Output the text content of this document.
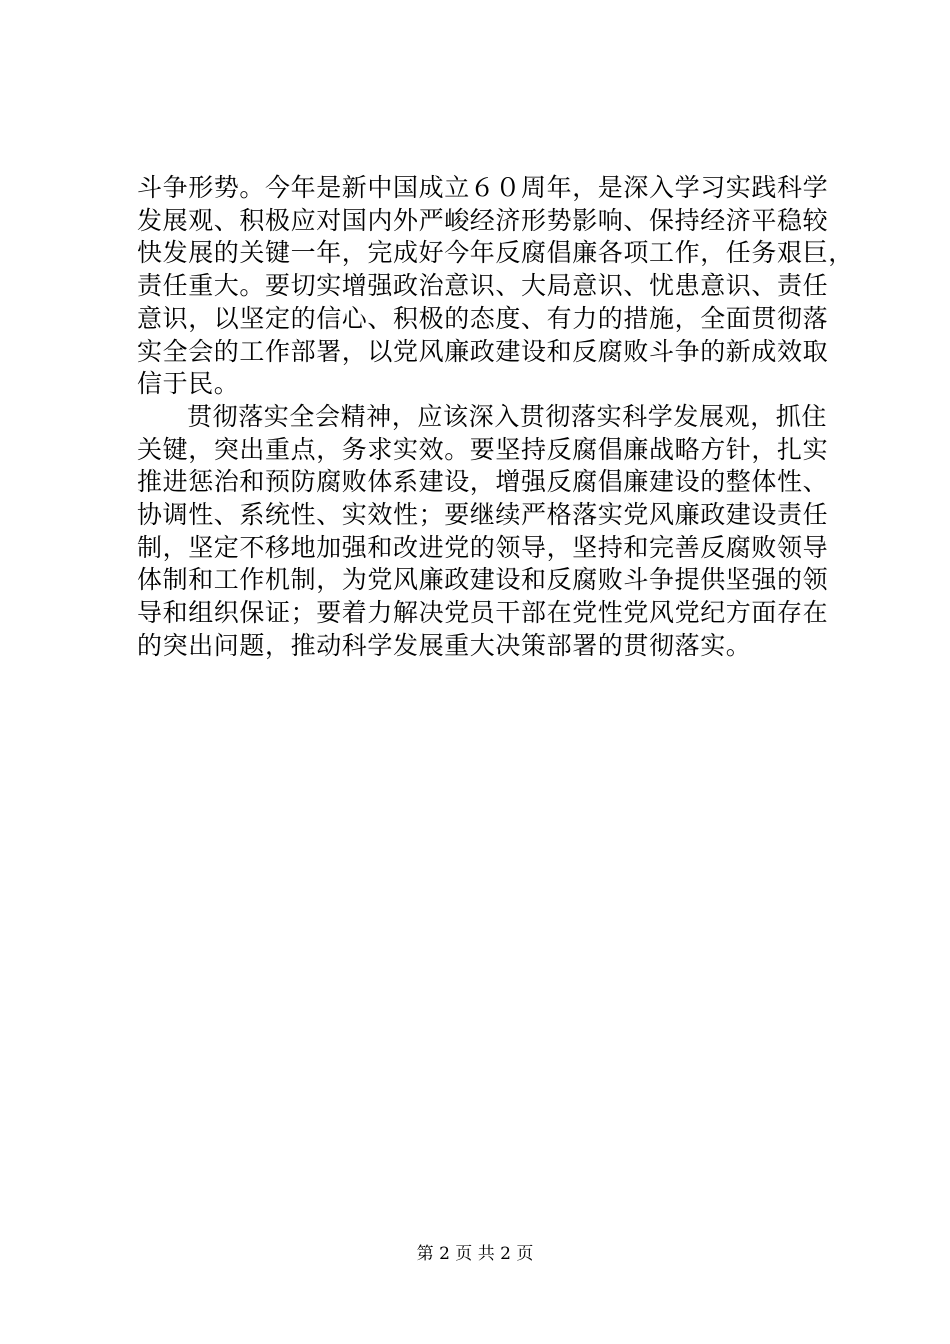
斗争形势。今年是新中国成立６０周年，是深入学习实践科学
发展观、积极应对国内外严峻经济形势影响、保持经济平稳较
快发展的关键一年，完成好今年反腐倡廉各项工作，任务艰巨，
责任重大。要切实增强政治意识、大局意识、忧患意识、责任
意识，以坚定的信心、积极的态度、有力的措施，全面贯彻落
实全会的工作部署，以党风廉政建设和反腐败斗争的新成效取
信于民。
贯彻落实全会精神，应该深入贯彻落实科学发展观，抓住
关键，突出重点，务求实效。要坚持反腐倡廉战略方针，扎实
推进惩治和预防腐败体系建设，增强反腐倡廉建设的整体性、
协调性、系统性、实效性；要继续严格落实党风廉政建设责任
制，坚定不移地加强和改进党的领导，坚持和完善反腐败领导
体制和工作机制，为党风廉政建设和反腐败斗争提供坚强的领
导和组织保证；要着力解决党员干部在党性党风党纪方面存在
的突出问题，推动科学发展重大决策部署的贯彻落实。
第 2 页 共 2 页
